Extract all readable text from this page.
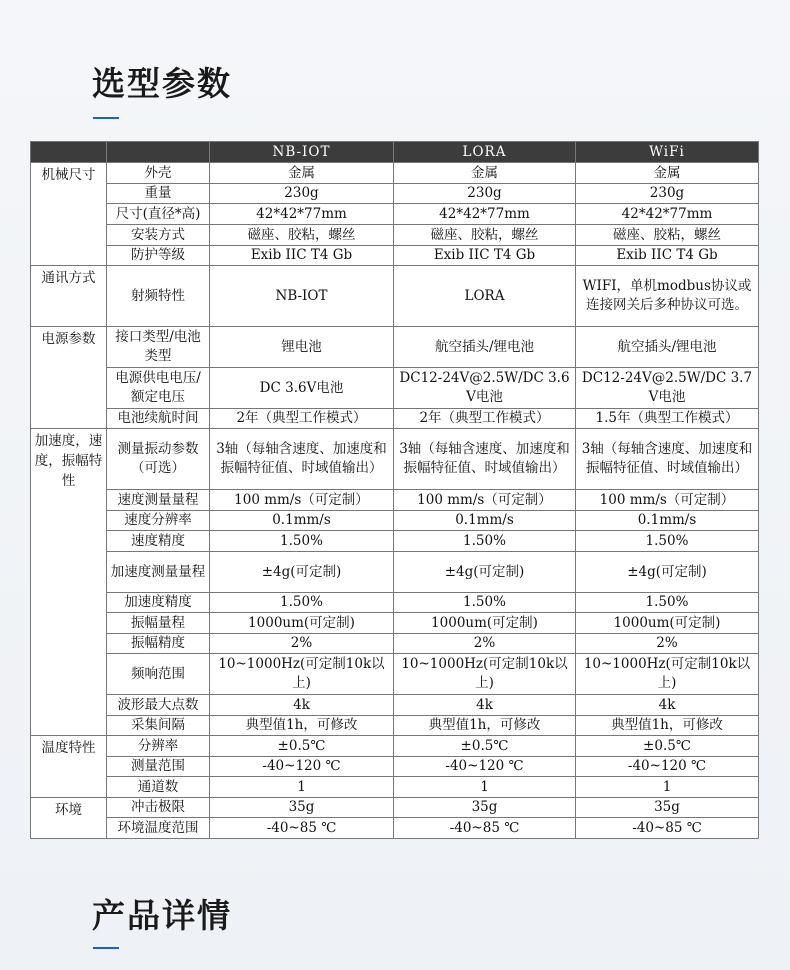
选型参数
		NB-IOT	LORA	WiFi
机械尺寸	外壳	金属	金属	金属
	重量	230g	230g	230g
	尺寸(直径*高)	42*42*77mm	42*42*77mm	42*42*77mm
	安装方式	磁座、胶粘，螺丝	磁座、胶粘，螺丝	磁座、胶粘，螺丝
	防护等级	Exib IIC T4 Gb	Exib IIC T4 Gb	Exib IIC T4 Gb
通讯方式	射频特性	NB-IOT	LORA	WIFI，单机modbus协议或连接网关后多种协议可选。
电源参数	接口类型/电池类型	锂电池	航空插头/锂电池	航空插头/锂电池
	电源供电电压/额定电压	DC 3.6V电池	DC12-24V@2.5W/DC 3.6V电池	DC12-24V@2.5W/DC 3.7V电池
	电池续航时间	2年（典型工作模式）	2年（典型工作模式）	1.5年（典型工作模式）
加速度，速度，振幅特性	测量振动参数（可选）	3轴（每轴含速度、加速度和振幅特征值、时域值输出）	3轴（每轴含速度、加速度和振幅特征值、时域值输出）	3轴（每轴含速度、加速度和振幅特征值、时域值输出）
	速度测量量程	100 mm/s（可定制）	100 mm/s（可定制）	100 mm/s（可定制）
	速度分辨率	0.1mm/s	0.1mm/s	0.1mm/s
	速度精度	1.50%	1.50%	1.50%
	加速度测量量程	±4g(可定制)	±4g(可定制)	±4g(可定制)
	加速度精度	1.50%	1.50%	1.50%
	振幅量程	1000um(可定制)	1000um(可定制)	1000um(可定制)
	振幅精度	2%	2%	2%
	频响范围	10~1000Hz(可定制10k以上)	10~1000Hz(可定制10k以上)	10~1000Hz(可定制10k以上)
	波形最大点数	4k	4k	4k
	采集间隔	典型值1h，可修改	典型值1h，可修改	典型值1h，可修改
温度特性	分辨率	±0.5℃	±0.5℃	±0.5℃
	测量范围	-40~120 ℃	-40~120 ℃	-40~120 ℃
	通道数	1	1	1
环境	冲击极限	35g	35g	35g
	环境温度范围	-40~85 ℃	-40~85 ℃	-40~85 ℃
产品详情
